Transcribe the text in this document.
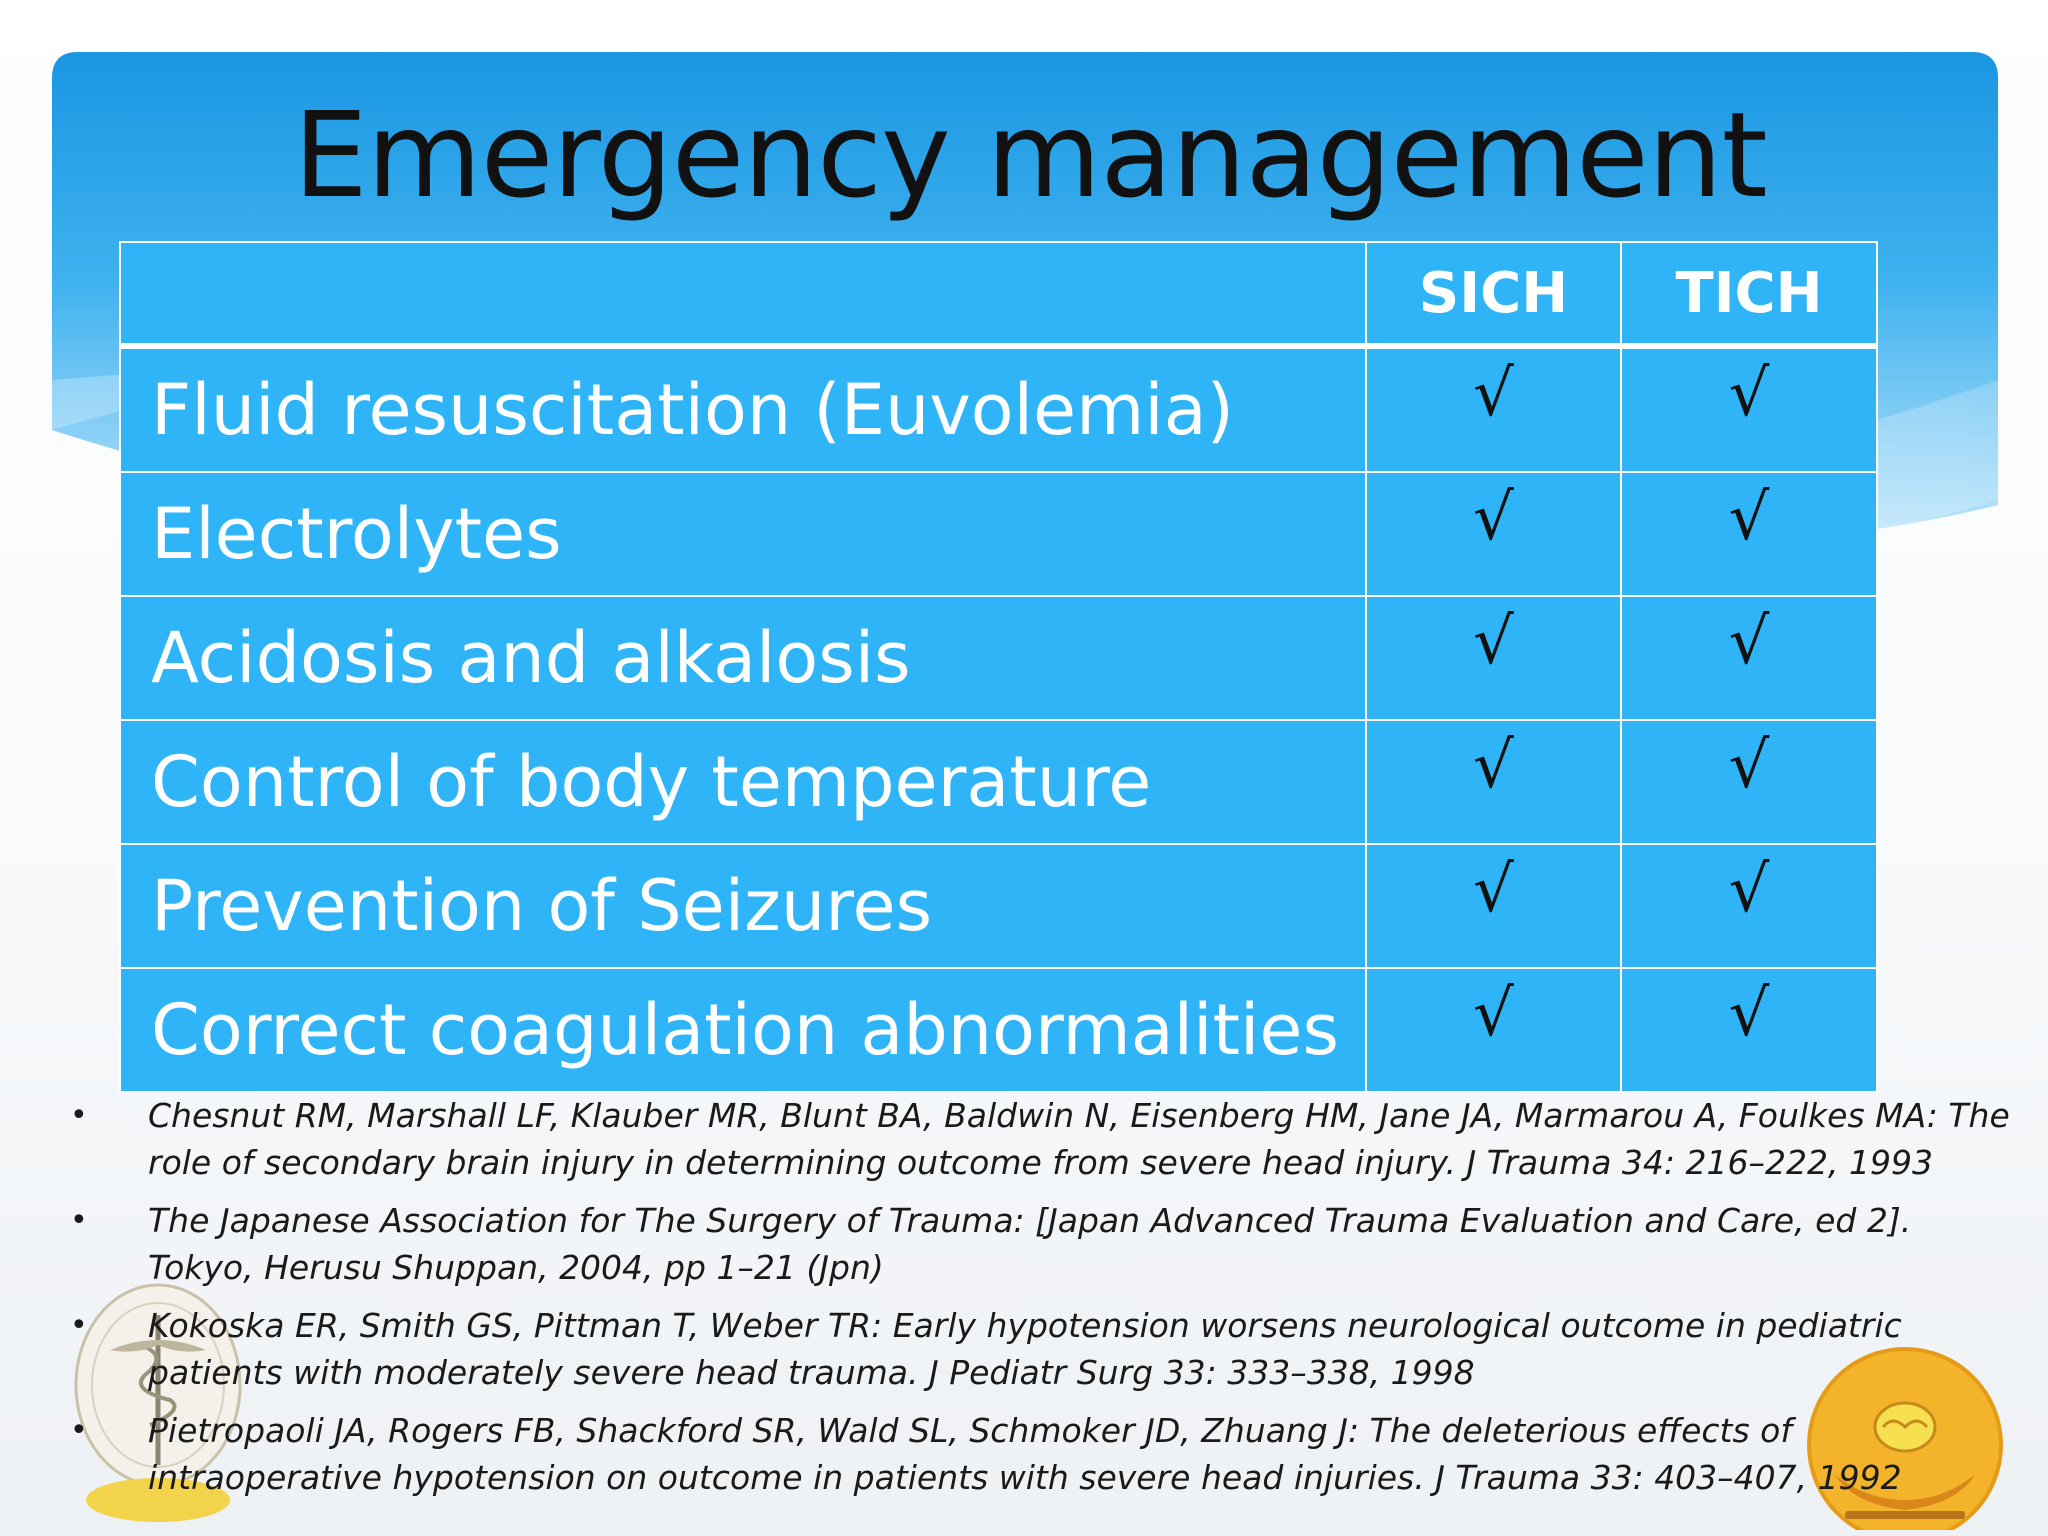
Emergency management
	SICH	TICH
Fluid resuscitation (Euvolemia)	√	√
Electrolytes	√	√
Acidosis and alkalosis	√	√
Control of body temperature	√	√
Prevention of Seizures	√	√
Correct coagulation abnormalities	√	√
• Chesnut RM, Marshall LF, Klauber MR, Blunt BA, Baldwin N, Eisenberg HM, Jane JA, Marmarou A, Foulkes MA: The role of secondary brain injury in determining outcome from severe head injury. J Trauma 34: 216–222, 1993
• The Japanese Association for The Surgery of Trauma: [Japan Advanced Trauma Evaluation and Care, ed 2]. Tokyo, Herusu Shuppan, 2004, pp 1–21 (Jpn)
• Kokoska ER, Smith GS, Pittman T, Weber TR: Early hypotension worsens neurological outcome in pediatric patients with moderately severe head trauma. J Pediatr Surg 33: 333–338, 1998
• Pietropaoli JA, Rogers FB, Shackford SR, Wald SL, Schmoker JD, Zhuang J: The deleterious effects of intraoperative hypotension on outcome in patients with severe head injuries. J Trauma 33: 403–407, 1992
